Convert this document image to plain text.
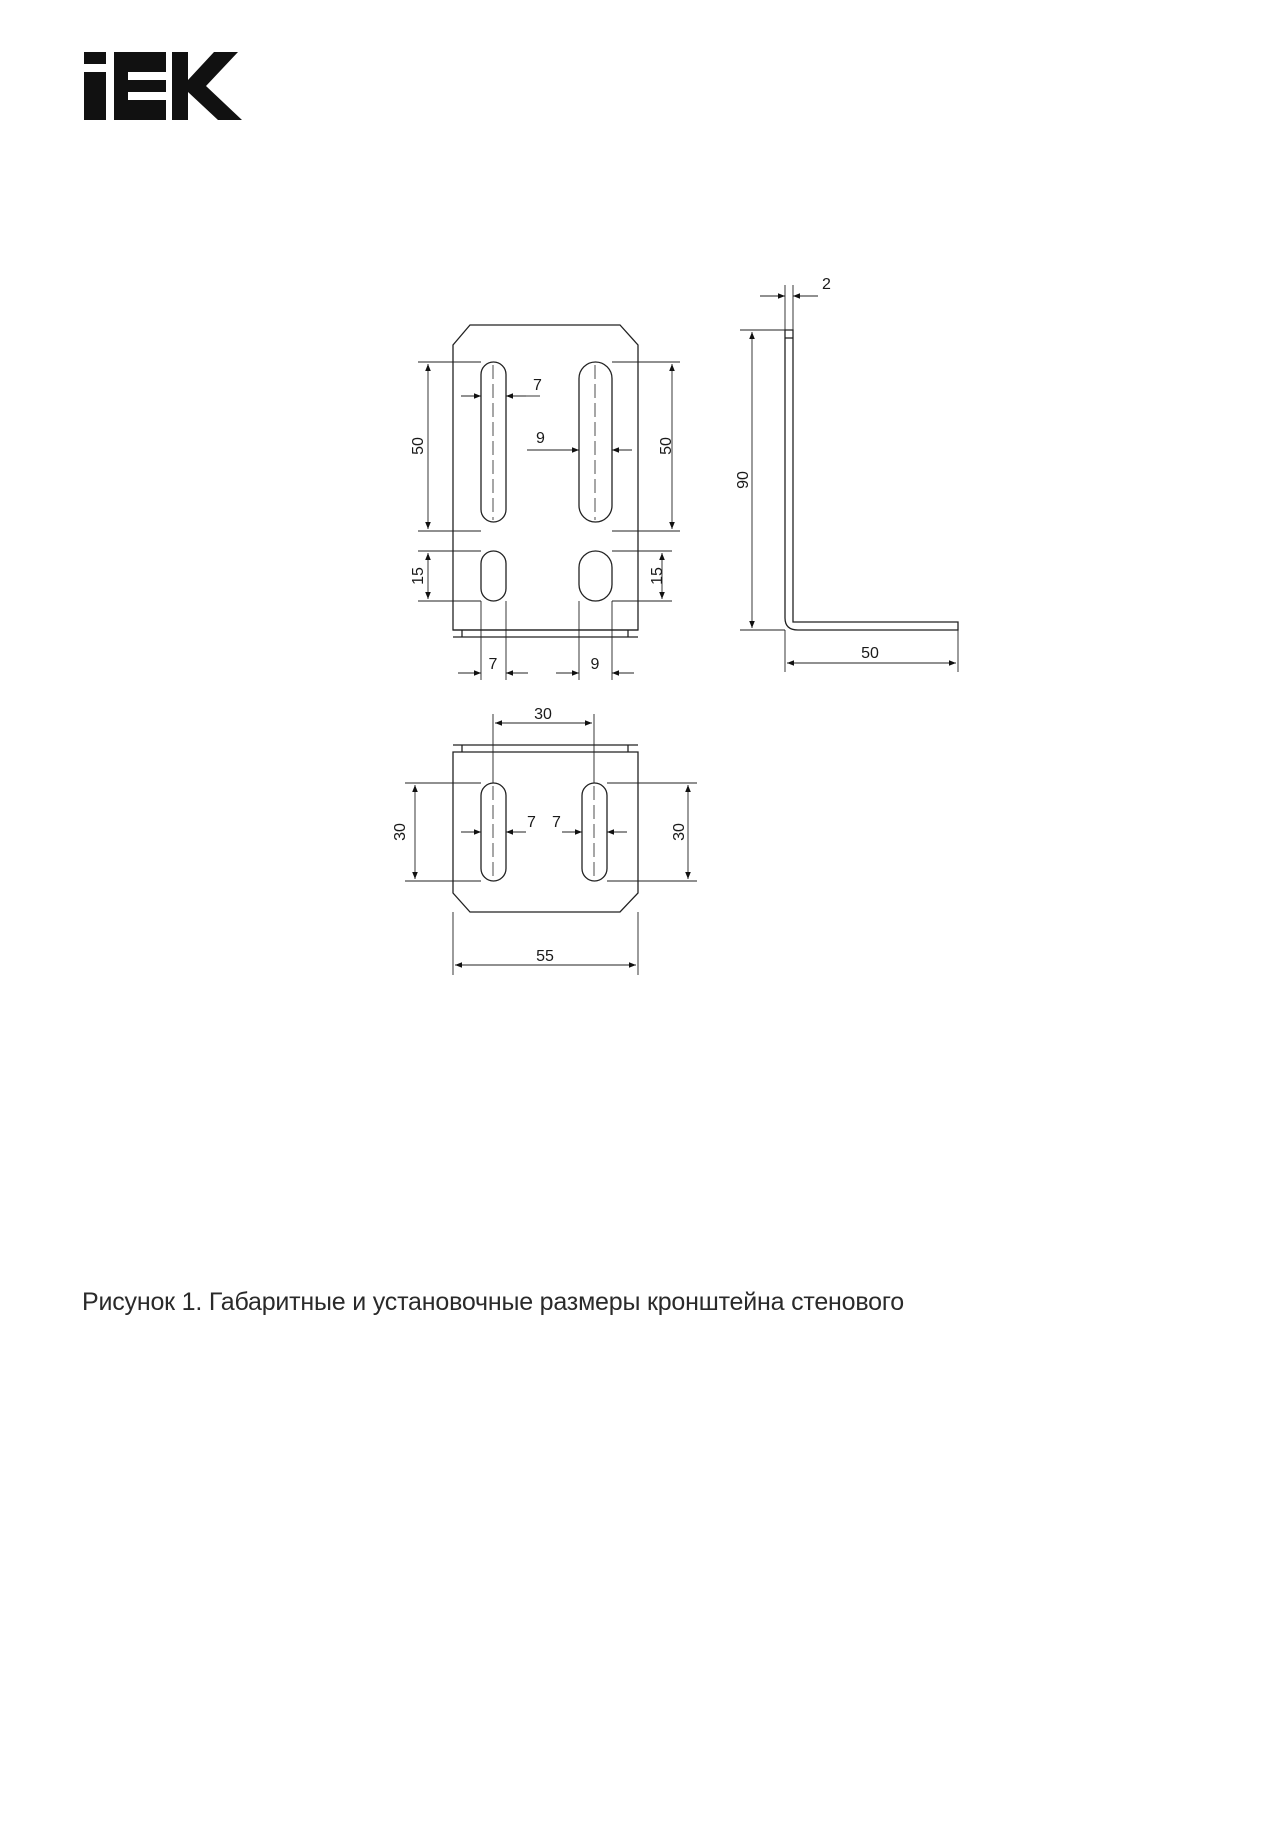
2
90
50
50	50
15	15
7
9
7	9
30
30	30
7 7
55
Рисунок 1. Габаритные и установочные размеры кронштейна стенового
